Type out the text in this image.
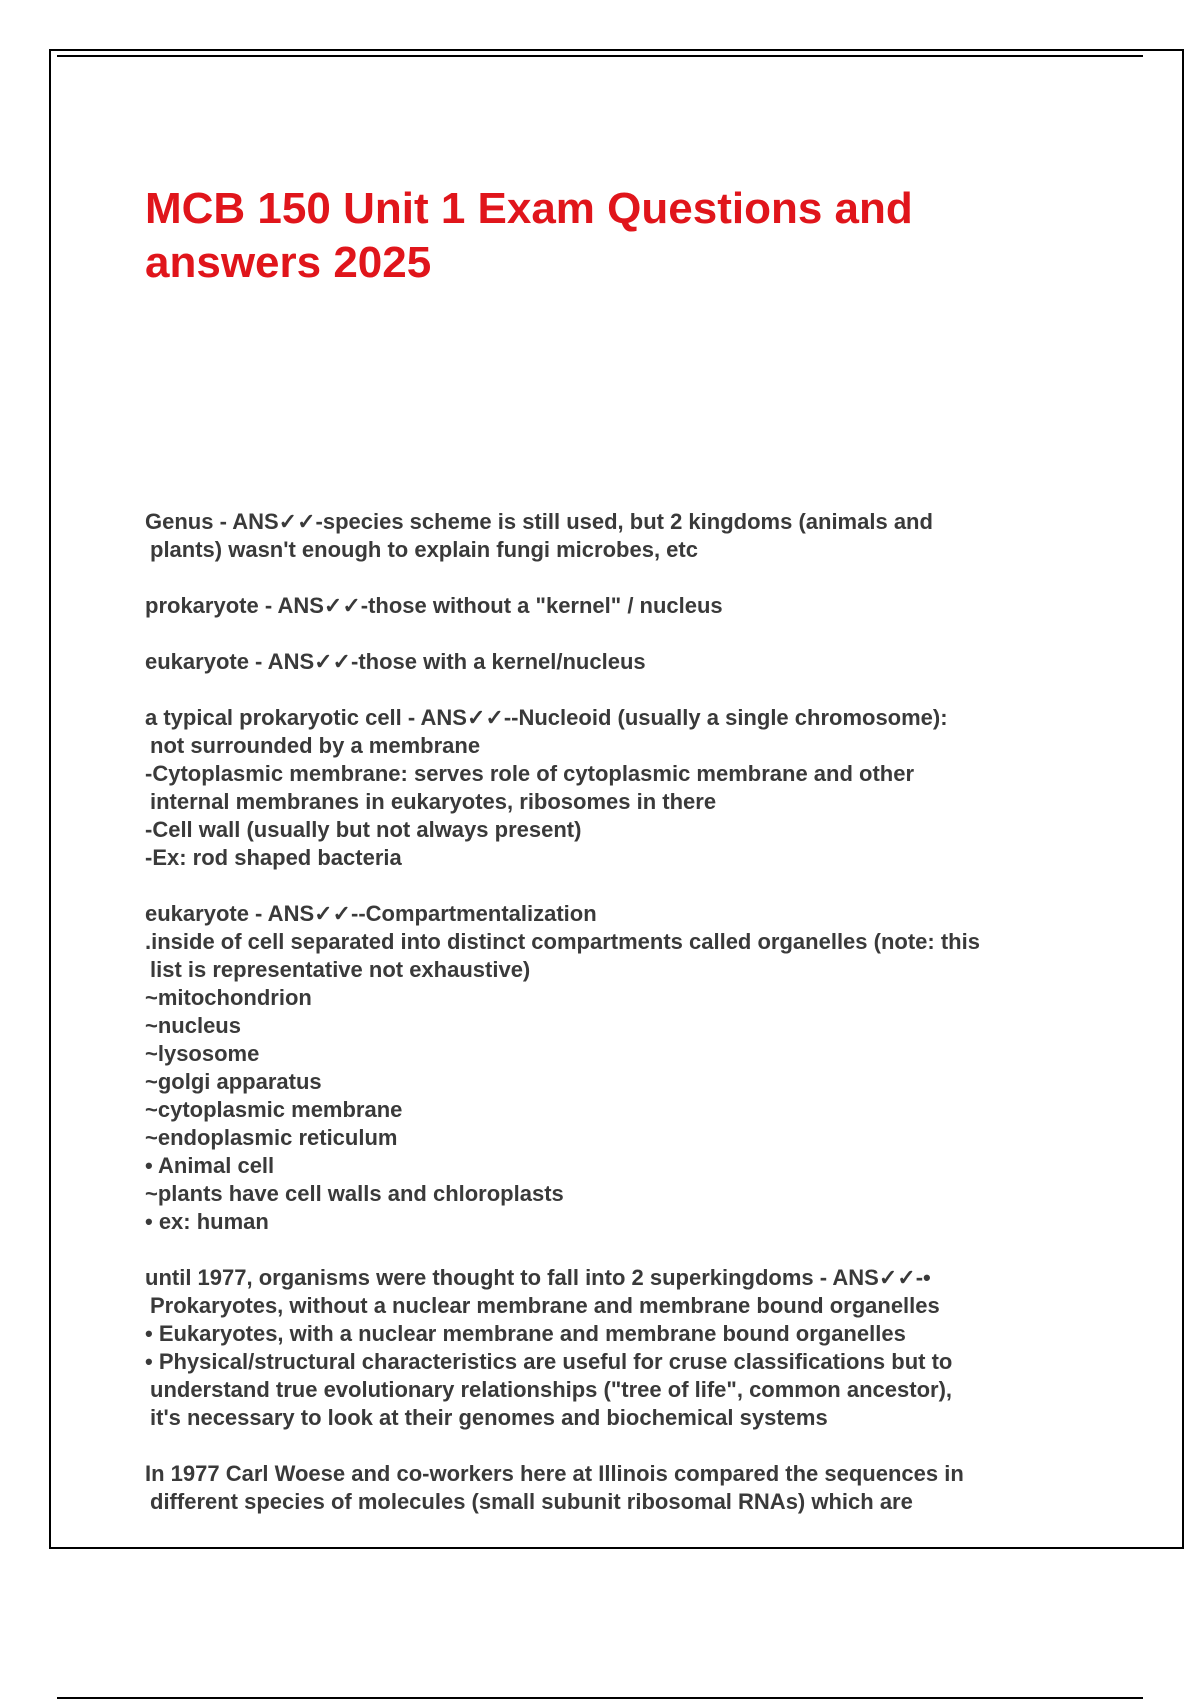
MCB 150 Unit 1 Exam Questions and
answers 2025
Genus - ANS✓✓-species scheme is still used, but 2 kingdoms (animals and
plants) wasn't enough to explain fungi microbes, etc
prokaryote - ANS✓✓-those without a "kernel" / nucleus
eukaryote - ANS✓✓-those with a kernel/nucleus
a typical prokaryotic cell - ANS✓✓--Nucleoid (usually a single chromosome):
not surrounded by a membrane
-Cytoplasmic membrane: serves role of cytoplasmic membrane and other
internal membranes in eukaryotes, ribosomes in there
-Cell wall (usually but not always present)
-Ex: rod shaped bacteria
eukaryote - ANS✓✓--Compartmentalization
.inside of cell separated into distinct compartments called organelles (note: this
list is representative not exhaustive)
~mitochondrion
~nucleus
~lysosome
~golgi apparatus
~cytoplasmic membrane
~endoplasmic reticulum
• Animal cell
~plants have cell walls and chloroplasts
• ex: human
until 1977, organisms were thought to fall into 2 superkingdoms - ANS✓✓-•
Prokaryotes, without a nuclear membrane and membrane bound organelles
• Eukaryotes, with a nuclear membrane and membrane bound organelles
• Physical/structural characteristics are useful for cruse classifications but to
understand true evolutionary relationships ("tree of life", common ancestor),
it's necessary to look at their genomes and biochemical systems
In 1977 Carl Woese and co-workers here at Illinois compared the sequences in
different species of molecules (small subunit ribosomal RNAs) which are
